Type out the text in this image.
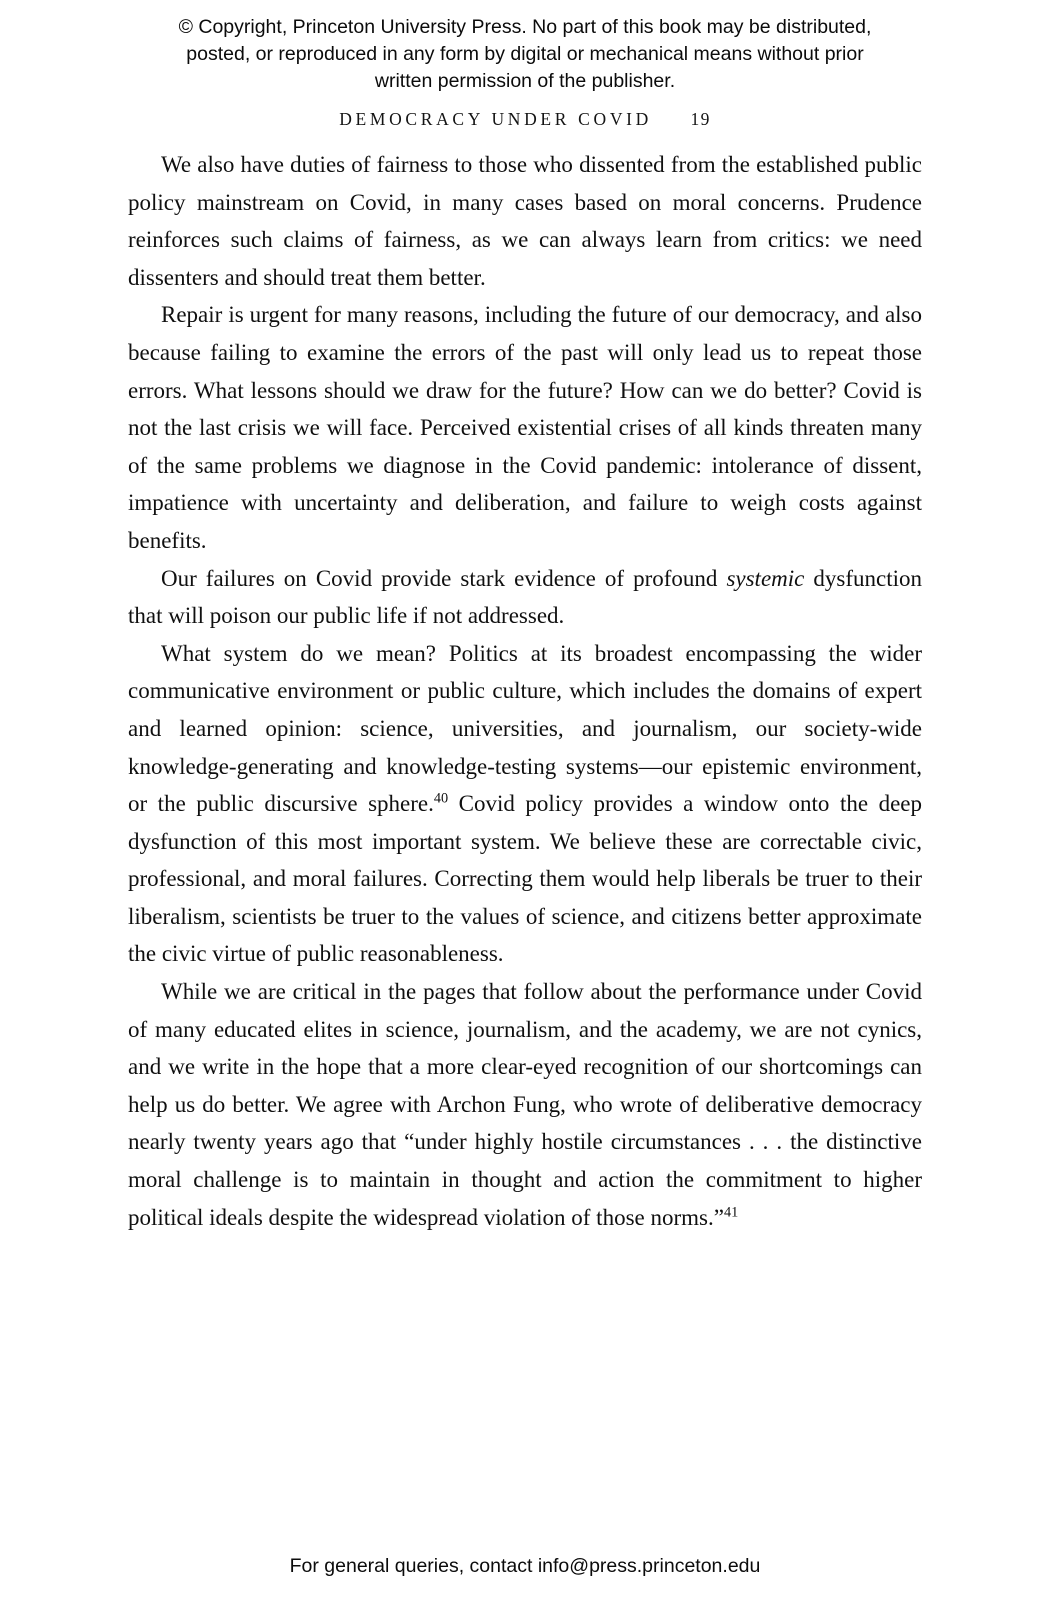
© Copyright, Princeton University Press. No part of this book may be distributed, posted, or reproduced in any form by digital or mechanical means without prior written permission of the publisher.
DEMOCRACY UNDER COVID 19

We also have duties of fairness to those who dissented from the established public policy mainstream on Covid, in many cases based on moral concerns. Prudence reinforces such claims of fairness, as we can always learn from critics: we need dissenters and should treat them better.

Repair is urgent for many reasons, including the future of our democracy, and also because failing to examine the errors of the past will only lead us to repeat those errors. What lessons should we draw for the future? How can we do better? Covid is not the last crisis we will face. Perceived existential crises of all kinds threaten many of the same problems we diagnose in the Covid pandemic: intolerance of dissent, impatience with uncertainty and deliberation, and failure to weigh costs against benefits.

Our failures on Covid provide stark evidence of profound systemic dysfunction that will poison our public life if not addressed.

What system do we mean? Politics at its broadest encompassing the wider communicative environment or public culture, which includes the domains of expert and learned opinion: science, universities, and journalism, our society-wide knowledge-generating and knowledge-testing systems—our epistemic environment, or the public discursive sphere.$^{40}$ Covid policy provides a window onto the deep dysfunction of this most important system. We believe these are correctable civic, professional, and moral failures. Correcting them would help liberals be truer to their liberalism, scientists be truer to the values of science, and citizens better approximate the civic virtue of public reasonableness.

While we are critical in the pages that follow about the performance under Covid of many educated elites in science, journalism, and the academy, we are not cynics, and we write in the hope that a more clear-eyed recognition of our shortcomings can help us do better. We agree with Archon Fung, who wrote of deliberative democracy nearly twenty years ago that “under highly hostile circumstances . . . the distinctive moral challenge is to maintain in thought and action the commitment to higher political ideals despite the widespread violation of those norms.”$^{41}$

For general queries, contact info@press.princeton.edu
